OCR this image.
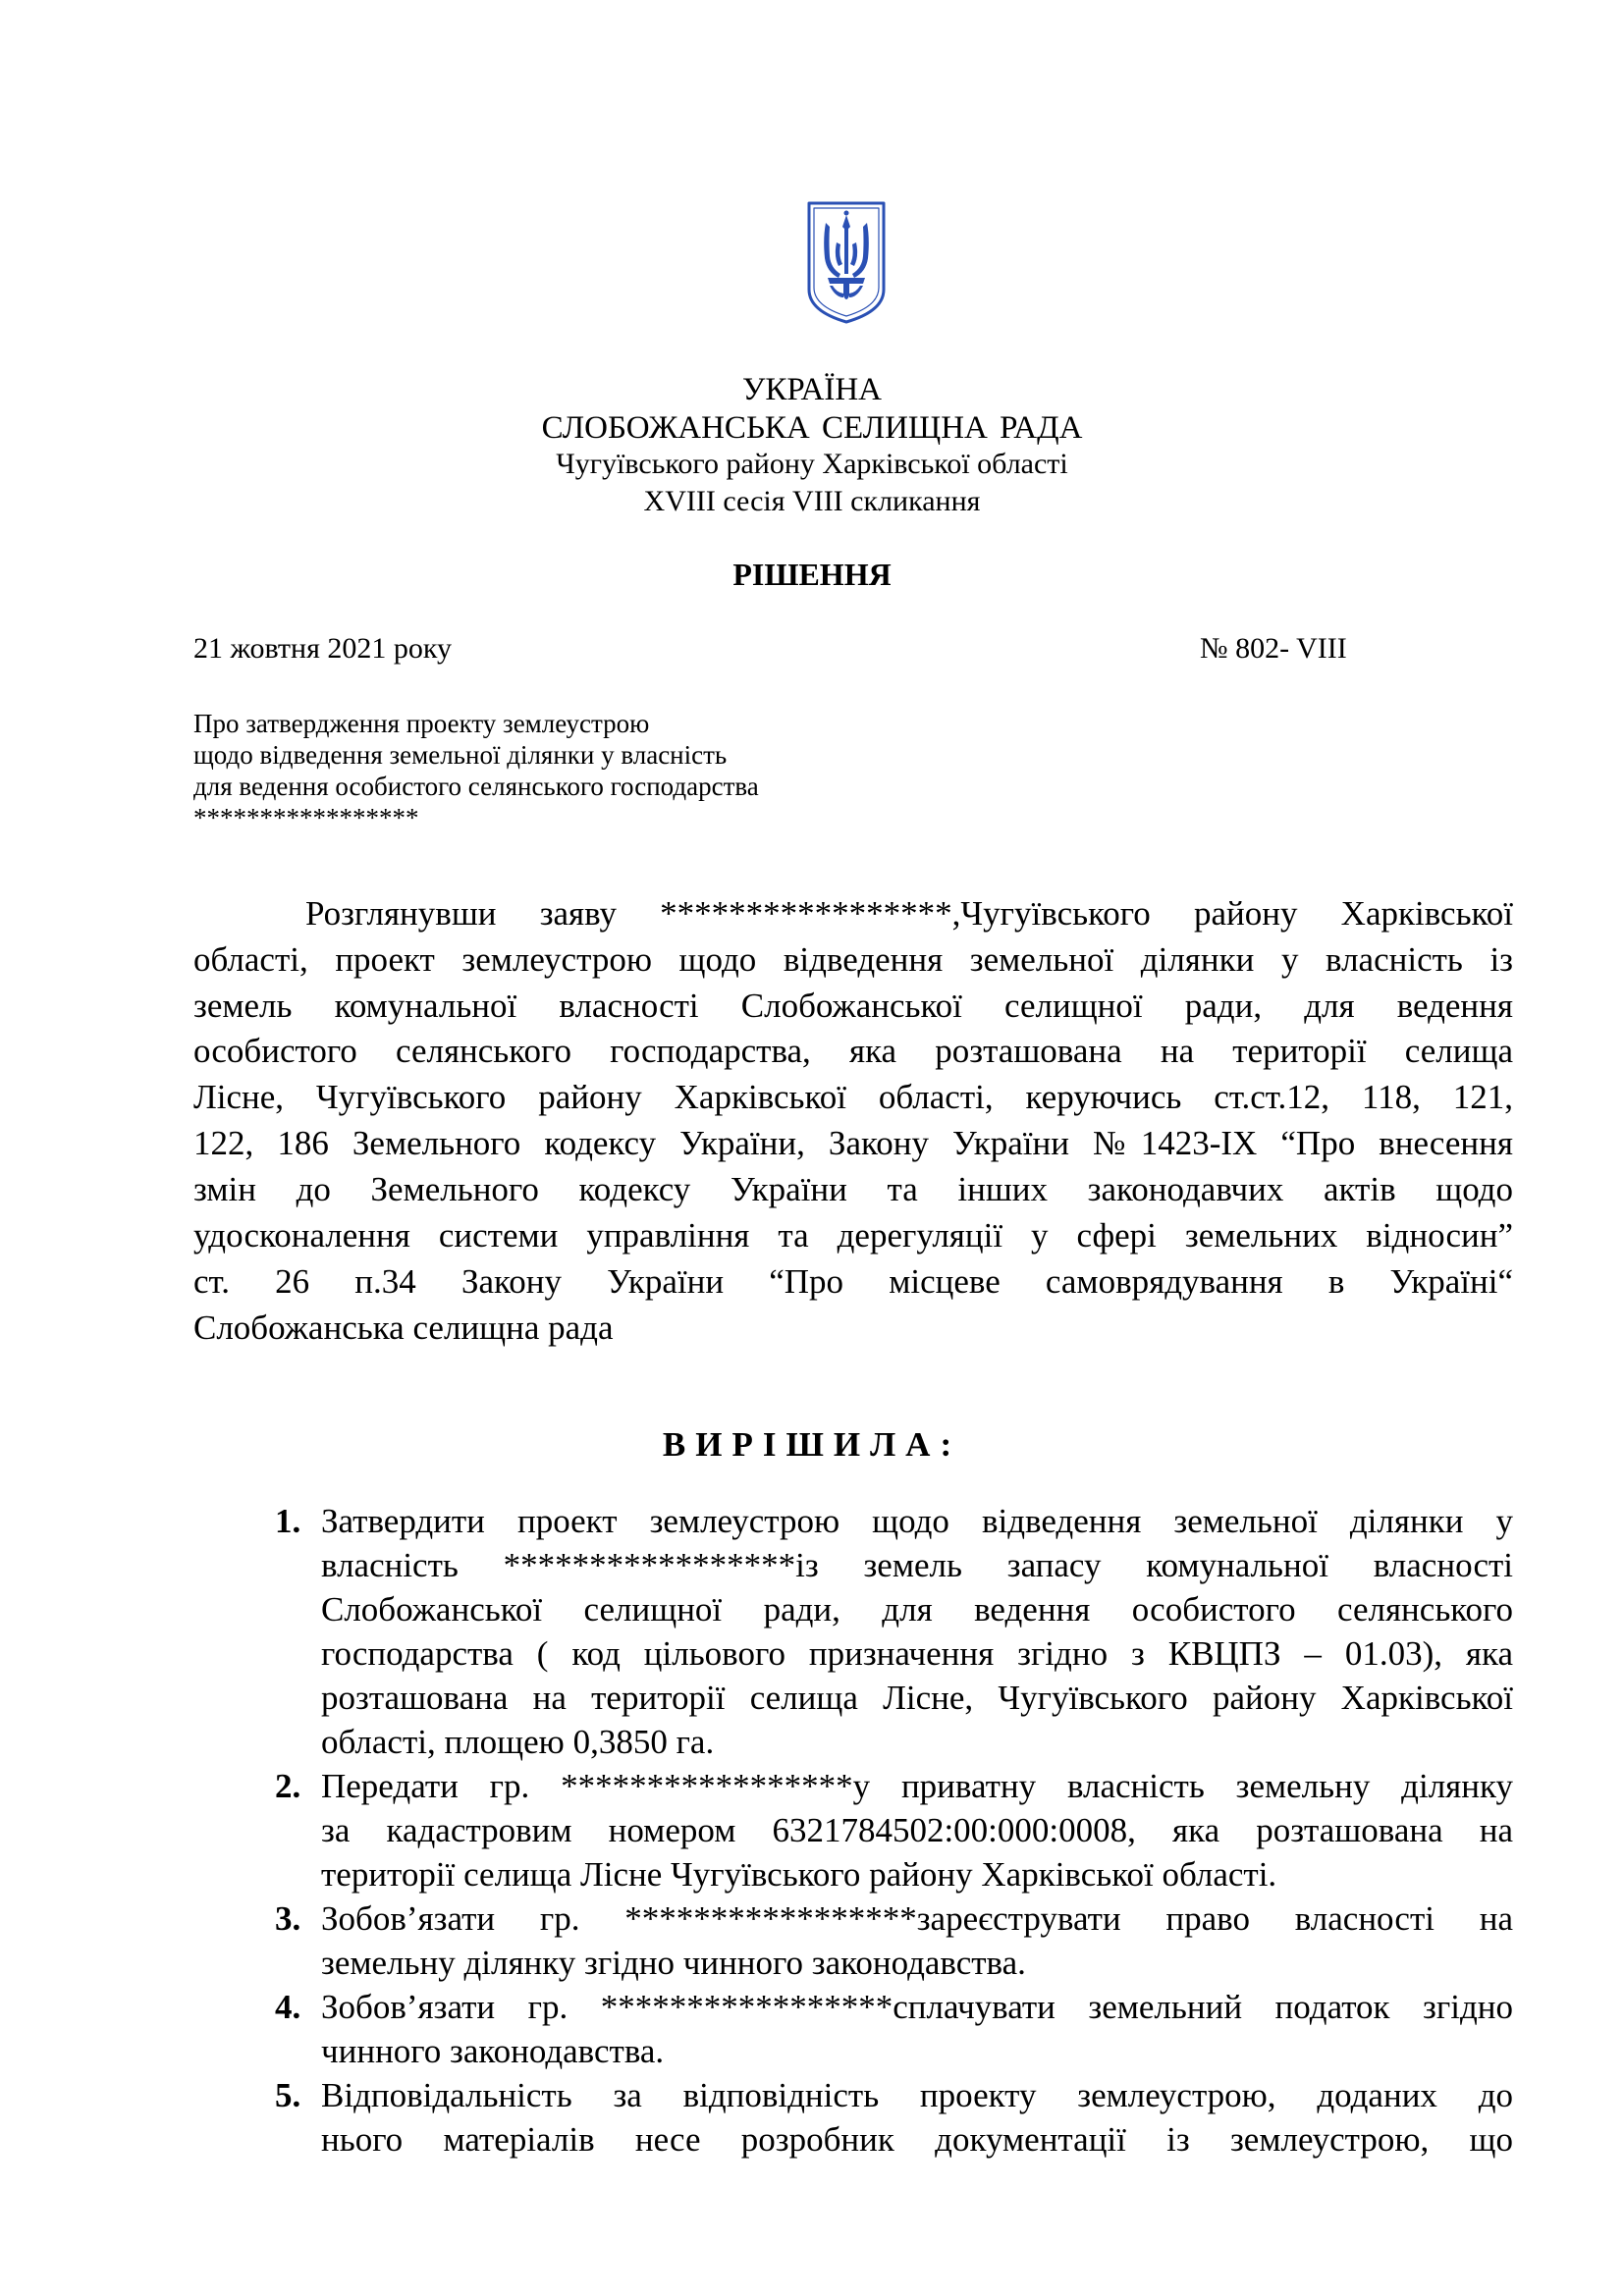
УКРАЇНА
СЛОБОЖАНСЬКА СЕЛИЩНА РАДА
Чугуївського району Харківської області
XVIII сесія VIII скликання
РІШЕННЯ
21 жовтня 2021 року	№ 802- VIII
Про затвердження проекту землеустрою
щодо відведення земельної ділянки у власність
для ведення особистого селянського господарства
*****************
Розглянувши заяву *****************,Чугуївського району Харківської
області, проект землеустрою щодо відведення земельної ділянки у власність із
земель комунальної власності Слобожанської селищної ради, для ведення
особистого селянського господарства, яка розташована на території селища
Лісне, Чугуївського району Харківської області, керуючись ст.ст.12, 118, 121,
122, 186 Земельного кодексу України, Закону України №1423-IX “Про внесення
змін до Земельного кодексу України та інших законодавчих актів щодо
удосконалення системи управління та дерегуляції у сфері земельних відносин”
ст. 26 п.34 Закону України “Про місцеве самоврядування в Україні“
Слобожанська селищна рада
ВИРІШИЛА:
1. Затвердити проект землеустрою щодо відведення земельної ділянки у
власність *****************із земель запасу комунальної власності
Слобожанської селищної ради, для ведення особистого селянського
господарства ( код цільового призначення згідно з КВЦПЗ – 01.03), яка
розташована на території селища Лісне, Чугуївського району Харківської
області, площею 0,3850 га.
2. Передати гр. *****************у приватну власність земельну ділянку
за кадастровим номером 6321784502:00:000:0008, яка розташована на
території селища Лісне Чугуївського району Харківської області.
3. Зобов’язати гр. *****************зареєструвати право власності на
земельну ділянку згідно чинного законодавства.
4. Зобов’язати гр. *****************сплачувати земельний податок згідно
чинного законодавства.
5. Відповідальність за відповідність проекту землеустрою, доданих до
нього матеріалів несе розробник документації із землеустрою, що
